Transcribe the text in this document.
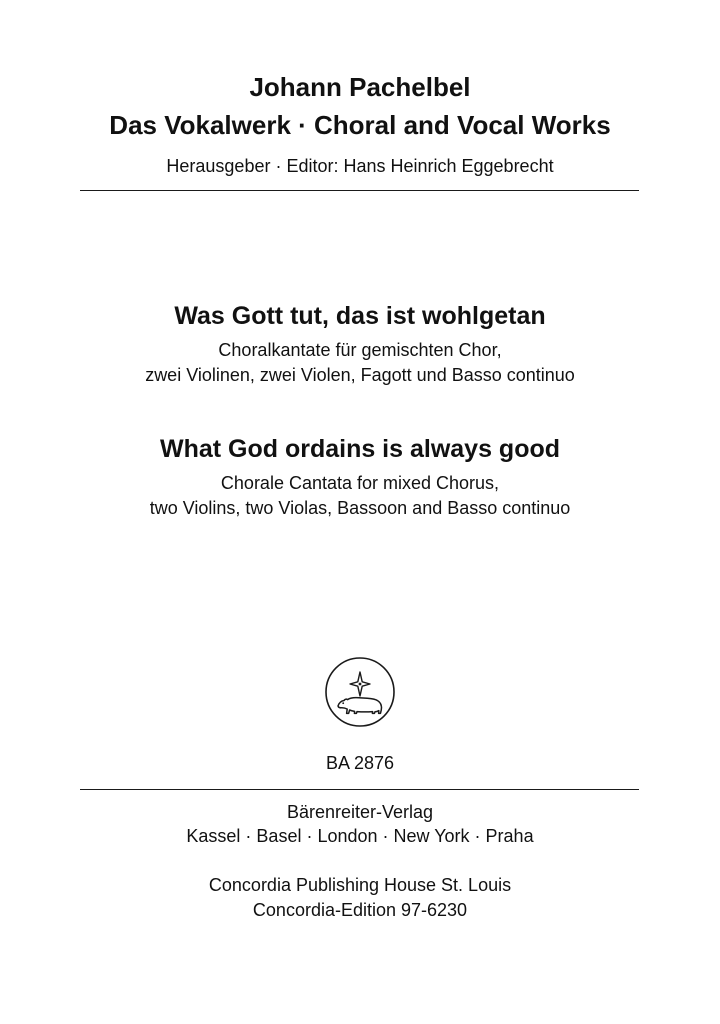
Johann Pachelbel
Das Vokalwerk · Choral and Vocal Works
Herausgeber · Editor: Hans Heinrich Eggebrecht
Was Gott tut, das ist wohlgetan
Choralkantate für gemischten Chor,
zwei Violinen, zwei Violen, Fagott und Basso continuo
What God ordains is always good
Chorale Cantata for mixed Chorus,
two Violins, two Violas, Bassoon and Basso continuo
BA 2876
Bärenreiter-Verlag
Kassel · Basel · London · New York · Praha
Concordia Publishing House St. Louis
Concordia-Edition 97-6230
